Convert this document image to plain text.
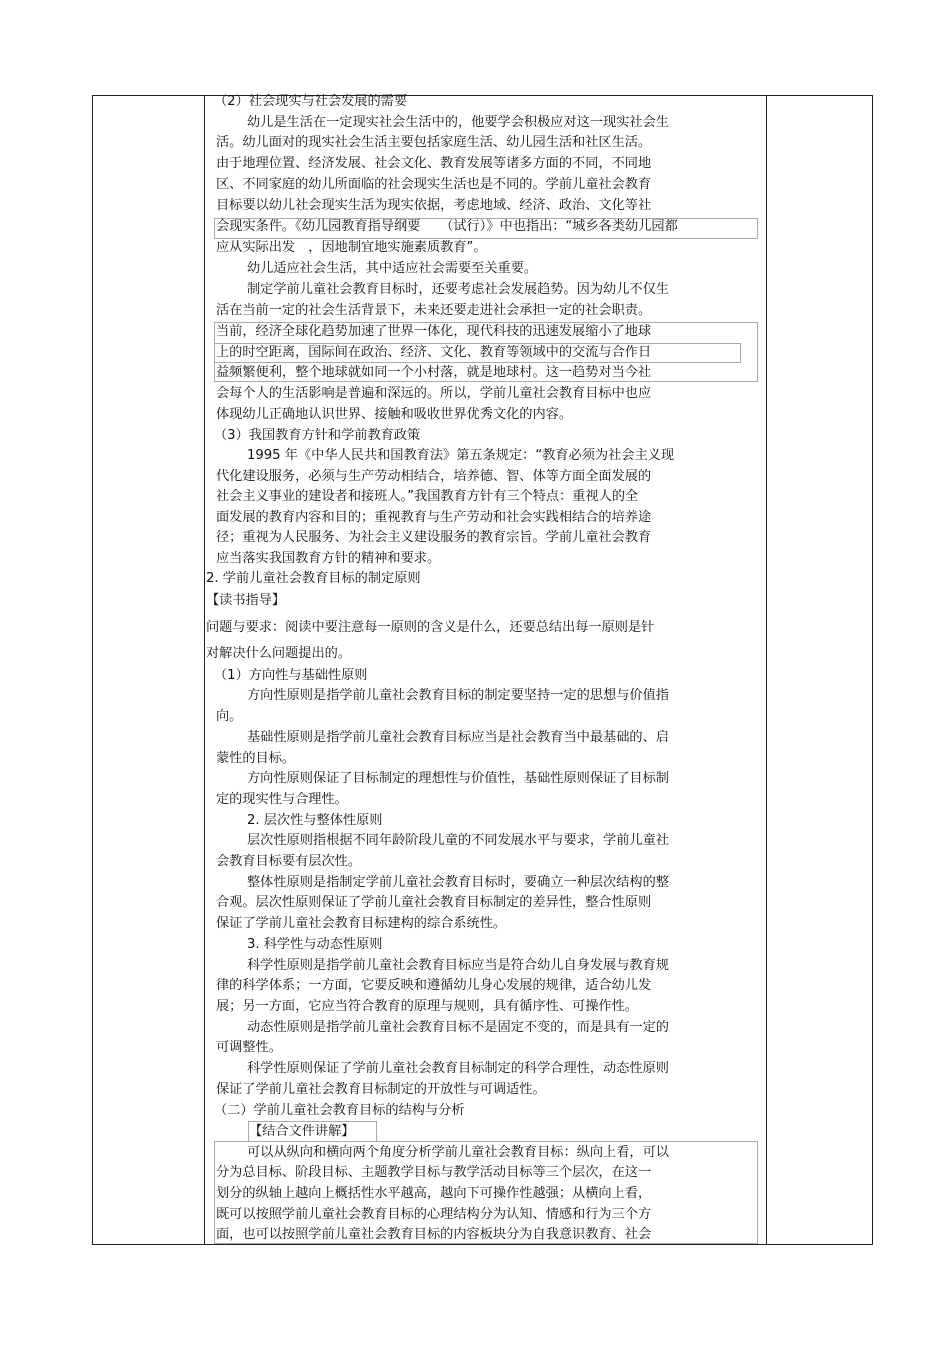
（2）社会现实与社会发展的需要
幼儿是生活在一定现实社会生活中的，他要学会积极应对这一现实社会生
活。幼儿面对的现实社会生活主要包括家庭生活、幼儿园生活和社区生活。
由于地理位置、经济发展、社会文化、教育发展等诸多方面的不同，不同地
区、不同家庭的幼儿所面临的社会现实生活也是不同的。学前儿童社会教育
目标要以幼儿社会现实生活为现实依据，考虑地域、经济、政治、文化等社
会现实条件。《幼儿园教育指导纲要　　（试行）》中也指出：“城乡各类幼儿园都
应从实际出发　，因地制宜地实施素质教育”。
幼儿适应社会生活，其中适应社会需要至关重要。
制定学前儿童社会教育目标时，还要考虑社会发展趋势。因为幼儿不仅生
活在当前一定的社会生活背景下，未来还要走进社会承担一定的社会职责。
当前，经济全球化趋势加速了世界一体化，现代科技的迅速发展缩小了地球
上的时空距离，国际间在政治、经济、文化、教育等领域中的交流与合作日
益频繁便利，整个地球就如同一个小村落，就是地球村。这一趋势对当今社
会每个人的生活影响是普遍和深远的。所以，学前儿童社会教育目标中也应
体现幼儿正确地认识世界、接触和吸收世界优秀文化的内容。
（3）我国教育方针和学前教育政策
1995 年《中华人民共和国教育法》第五条规定：“教育必须为社会主义现
代化建设服务，必须与生产劳动相结合，培养德、智、体等方面全面发展的
社会主义事业的建设者和接班人。”我国教育方针有三个特点：重视人的全
面发展的教育内容和目的；重视教育与生产劳动和社会实践相结合的培养途
径；重视为人民服务、为社会主义建设服务的教育宗旨。学前儿童社会教育
应当落实我国教育方针的精神和要求。
2. 学前儿童社会教育目标的制定原则
【读书指导】
问题与要求：阅读中要注意每一原则的含义是什么，还要总结出每一原则是针
对解决什么问题提出的。
（1）方向性与基础性原则
方向性原则是指学前儿童社会教育目标的制定要坚持一定的思想与价值指
向。
基础性原则是指学前儿童社会教育目标应当是社会教育当中最基础的、启
蒙性的目标。
方向性原则保证了目标制定的理想性与价值性，基础性原则保证了目标制
定的现实性与合理性。
2. 层次性与整体性原则
层次性原则指根据不同年龄阶段儿童的不同发展水平与要求，学前儿童社
会教育目标要有层次性。
整体性原则是指制定学前儿童社会教育目标时，要确立一种层次结构的整
合观。层次性原则保证了学前儿童社会教育目标制定的差异性，整合性原则
保证了学前儿童社会教育目标建构的综合系统性。
3. 科学性与动态性原则
科学性原则是指学前儿童社会教育目标应当是符合幼儿自身发展与教育规
律的科学体系；一方面，它要反映和遵循幼儿身心发展的规律，适合幼儿发
展；另一方面，它应当符合教育的原理与规则，具有循序性、可操作性。
动态性原则是指学前儿童社会教育目标不是固定不变的，而是具有一定的
可调整性。
科学性原则保证了学前儿童社会教育目标制定的科学合理性，动态性原则
保证了学前儿童社会教育目标制定的开放性与可调适性。
（二）学前儿童社会教育目标的结构与分析
【结合文件讲解】
可以从纵向和横向两个角度分析学前儿童社会教育目标：纵向上看，可以
分为总目标、阶段目标、主题教学目标与教学活动目标等三个层次，在这一
划分的纵轴上越向上概括性水平越高，越向下可操作性越强；从横向上看，
既可以按照学前儿童社会教育目标的心理结构分为认知、情感和行为三个方
面，也可以按照学前儿童社会教育目标的内容板块分为自我意识教育、社会
